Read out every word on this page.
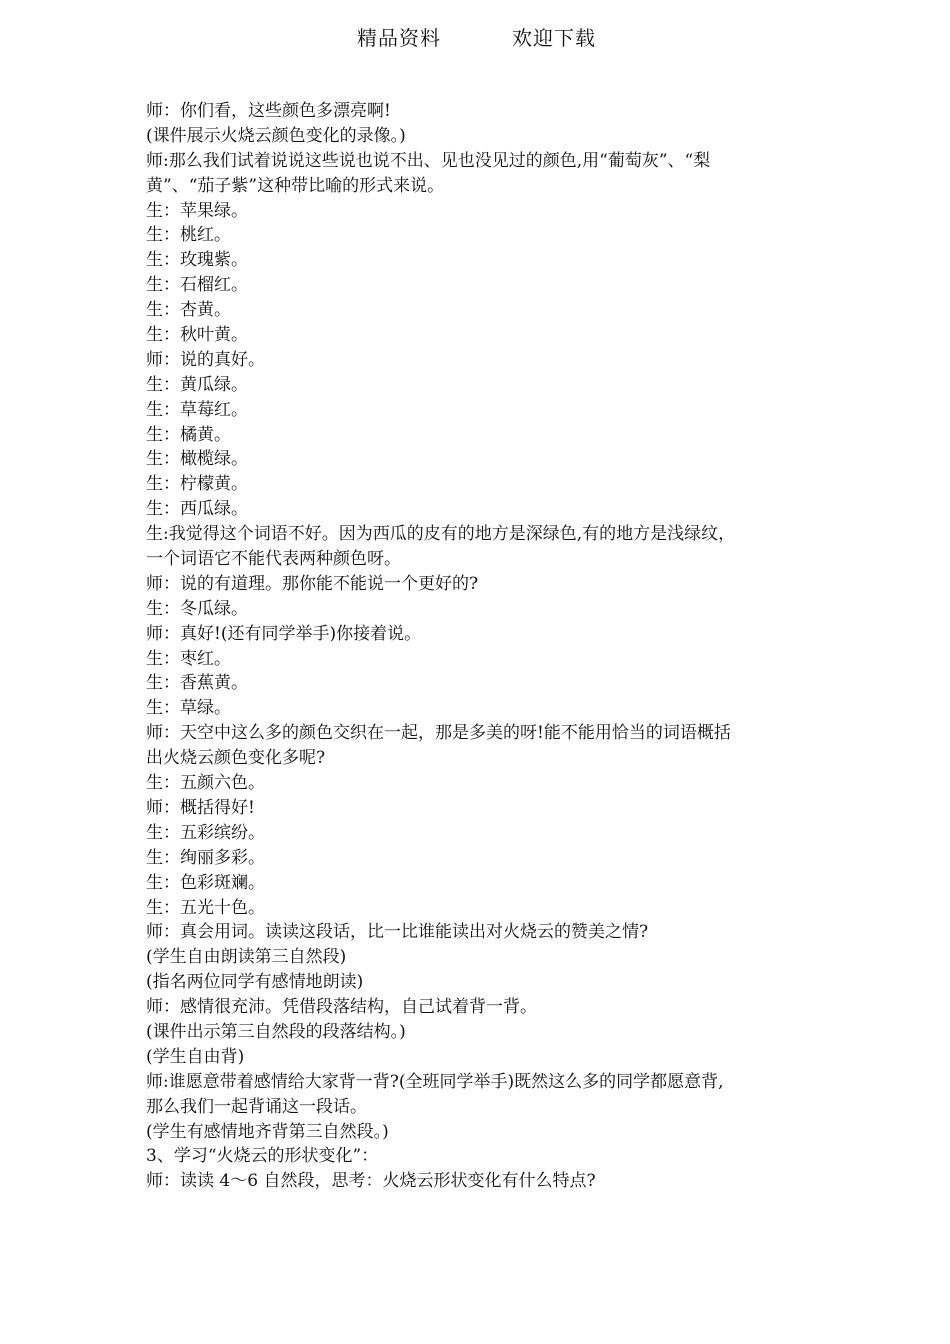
精品资料	欢迎下载
师：你们看，这些颜色多漂亮啊!
(课件展示火烧云颜色变化的录像。)
师:那么我们试着说说这些说也说不出、见也没见过的颜色,用“葡萄灰”、“梨
黄”、“茄子紫”这种带比喻的形式来说。
生：苹果绿。
生：桃红。
生：玫瑰紫。
生：石榴红。
生：杏黄。
生：秋叶黄。
师：说的真好。
生：黄瓜绿。
生：草莓红。
生：橘黄。
生：橄榄绿。
生：柠檬黄。
生：西瓜绿。
生:我觉得这个词语不好。因为西瓜的皮有的地方是深绿色,有的地方是浅绿纹，
一个词语它不能代表两种颜色呀。
师：说的有道理。那你能不能说一个更好的?
生：冬瓜绿。
师：真好!(还有同学举手)你接着说。
生：枣红。
生：香蕉黄。
生：草绿。
师：天空中这么多的颜色交织在一起，那是多美的呀!能不能用恰当的词语概括
出火烧云颜色变化多呢?
生：五颜六色。
师：概括得好!
生：五彩缤纷。
生：绚丽多彩。
生：色彩斑斓。
生：五光十色。
师：真会用词。读读这段话，比一比谁能读出对火烧云的赞美之情?
(学生自由朗读第三自然段)
(指名两位同学有感情地朗读)
师：感情很充沛。凭借段落结构，自己试着背一背。
(课件出示第三自然段的段落结构。)
(学生自由背)
师:谁愿意带着感情给大家背一背?(全班同学举手)既然这么多的同学都愿意背,
那么我们一起背诵这一段话。
(学生有感情地齐背第三自然段。)
3、学习“火烧云的形状变化”：
师：读读 4～6 自然段，思考：火烧云形状变化有什么特点?
